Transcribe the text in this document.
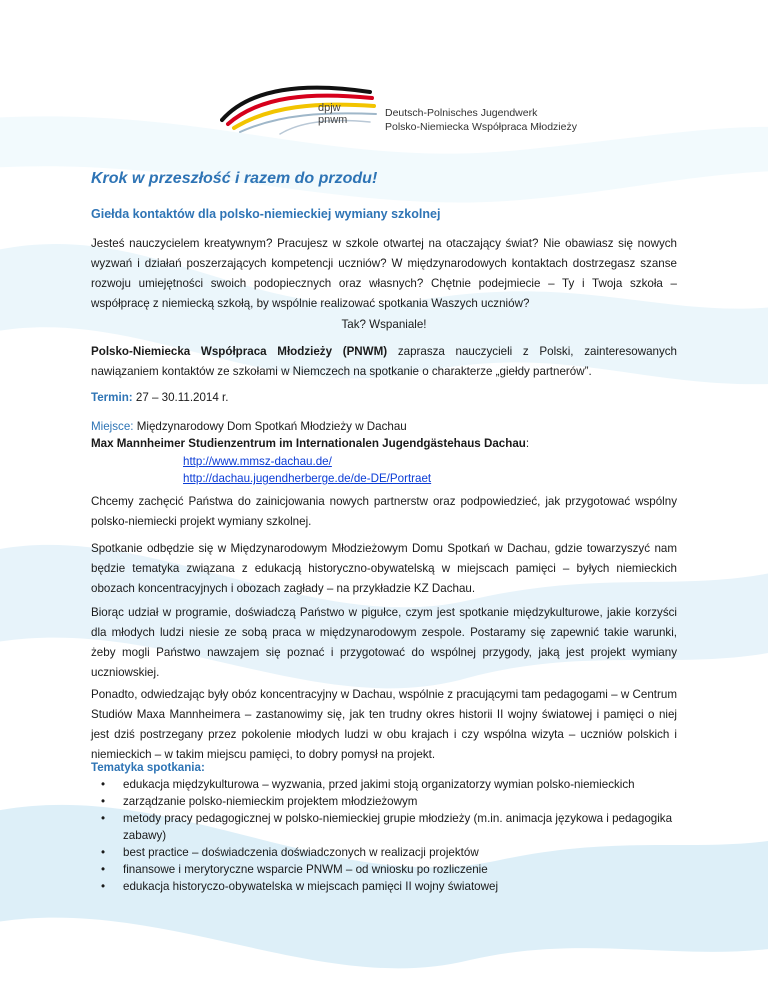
dpjw
pnwm
Deutsch-Polnisches Jugendwerk
Polsko-Niemiecka Współpraca Młodzieży
Krok w przeszłość i razem do przodu!
Giełda kontaktów dla polsko-niemieckiej wymiany szkolnej
Jesteś nauczycielem kreatywnym? Pracujesz w szkole otwartej na otaczający świat? Nie obawiasz się nowych wyzwań i działań poszerzających kompetencji uczniów? W międzynarodowych kontaktach dostrzegasz szanse rozwoju umiejętności swoich podopiecznych oraz własnych? Chętnie podejmiecie – Ty i Twoja szkoła – współpracę z niemiecką szkołą, by wspólnie realizować spotkania Waszych uczniów?
Tak? Wspaniale!
Polsko-Niemiecka Współpraca Młodzieży (PNWM) zaprasza nauczycieli z Polski, zainteresowanych nawiązaniem kontaktów ze szkołami w Niemczech na spotkanie o charakterze „giełdy partnerów”.
Termin: 27 – 30.11.2014 r.
Miejsce: Międzynarodowy Dom Spotkań Młodzieży w Dachau
Max Mannheimer Studienzentrum im Internationalen Jugendgästehaus Dachau:
http://www.mmsz-dachau.de/
http://dachau.jugendherberge.de/de-DE/Portraet
Chcemy zachęcić Państwa do zainicjowania nowych partnerstw oraz podpowiedzieć, jak przygotować wspólny polsko-niemiecki projekt wymiany szkolnej.
Spotkanie odbędzie się w Międzynarodowym Młodzieżowym Domu Spotkań w Dachau, gdzie towarzyszyć nam będzie tematyka związana z edukacją historyczno-obywatelską w miejscach pamięci – byłych niemieckich obozach koncentracyjnych i obozach zagłady – na przykładzie KZ Dachau.
Biorąc udział w programie, doświadczą Państwo w pigułce, czym jest spotkanie międzykulturowe, jakie korzyści dla młodych ludzi niesie ze sobą praca w międzynarodowym zespole. Postaramy się zapewnić takie warunki, żeby mogli Państwo nawzajem się poznać i przygotować do wspólnej przygody, jaką jest projekt wymiany uczniowskiej.
Ponadto, odwiedzając były obóz koncentracyjny w Dachau, wspólnie z pracującymi tam pedagogami – w Centrum Studiów Maxa Mannheimera – zastanowimy się, jak ten trudny okres historii II wojny światowej i pamięci o niej jest dziś postrzegany przez pokolenie młodych ludzi w obu krajach i czy wspólna wizyta – uczniów polskich i niemieckich – w takim miejscu pamięci, to dobry pomysł na projekt.
Tematyka spotkania:
• edukacja międzykulturowa – wyzwania, przed jakimi stoją organizatorzy wymian polsko-niemieckich
• zarządzanie polsko-niemieckim projektem młodzieżowym
• metody pracy pedagogicznej w polsko-niemieckiej grupie młodzieży (m.in. animacja językowa i pedagogika zabawy)
• best practice – doświadczenia doświadczonych w realizacji projektów
• finansowe i merytoryczne wsparcie PNWM – od wniosku po rozliczenie
• edukacja historyczo-obywatelska w miejscach pamięci II wojny światowej
